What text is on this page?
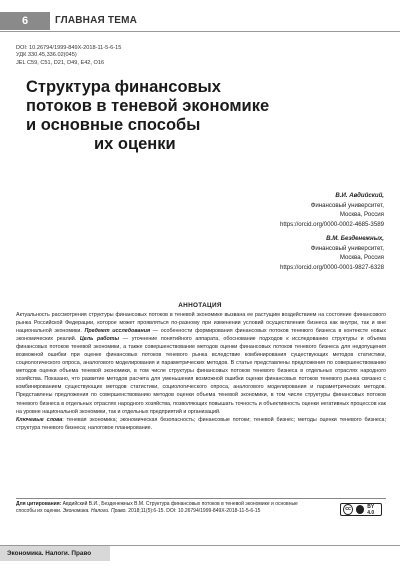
6	ГЛАВНАЯ ТЕМА
DOI: 10.26794/1999-849X-2018-11-5-6-15
УДК 330.45,336.02(045)
JEL C59, C51, D21, D49, E42, O16
Структура финансовых
потоков в теневой экономике
и основные способы
их оценки
В.И. Авдийский,
Финансовый университет,
Москва, Россия
https://orcid.org/0000-0002-4685-3589
В.М. Безденежных,
Финансовый университет,
Москва, Россия
https://orcid.org/0000-0001-9827-6328
АННОТАЦИЯ
Актуальность рассмотрения структуры финансовых потоков в теневой экономике вызвана ее растущим воздействием на состояние финансового рынка Российской Федерации, которое может проявляться по-разному при изменении условий осуществления бизнеса как внутри, так и вне национальной экономики. Предмет исследования — особенности формирования финансовых потоков теневого бизнеса в контексте новых экономических реалий. Цель работы — уточнение понятийного аппарата, обоснование подходов к исследованию структуры и объема финансовых потоков теневой экономики, а также совершенствование методов оценки финансовых потоков теневого бизнеса для недопущения возможной ошибки при оценке финансовых потоков теневого рынка вследствие комбинирования существующих методов статистики, социологического опроса, аналогового моделирования и параметрических методов. В статье представлены предложения по совершенствованию методов оценки объема теневой экономики, в том числе структуры финансовых потоков теневого бизнеса в отдельных отраслях народного хозяйства. Показано, что развитие методов расчета для уменьшения возможной ошибки оценки финансовых потоков теневого рынка связано с комбинированием существующих методов статистики, социологического опроса, аналогового моделирования и параметрических методов. Представлены предложения по совершенствованию методов оценки объема теневой экономики, в том числе структуры финансовых потоков теневого бизнеса в отдельных отраслях народного хозяйства, позволяющих повышать точность и объективность оценки негативных процессов как на уровне национальной экономики, так и отдельных предприятий и организаций.
Ключевые слова: теневая экономика; экономическая безопасность; финансовые потоки; теневой бизнес; методы оценки теневого бизнеса; структура теневого бизнеса; налоговое планирование.
Для цитирования: Авдийский В.И., Безденежных В.М. Структура финансовых потоков в теневой экономике и основные способы их оценки. Экономика. Налоги. Право. 2018;11(5):6-15. DOI: 10.26794/1999-849X-2018-11-5-6-15	cc	BY 4.0
Экономика. Налоги. Право
